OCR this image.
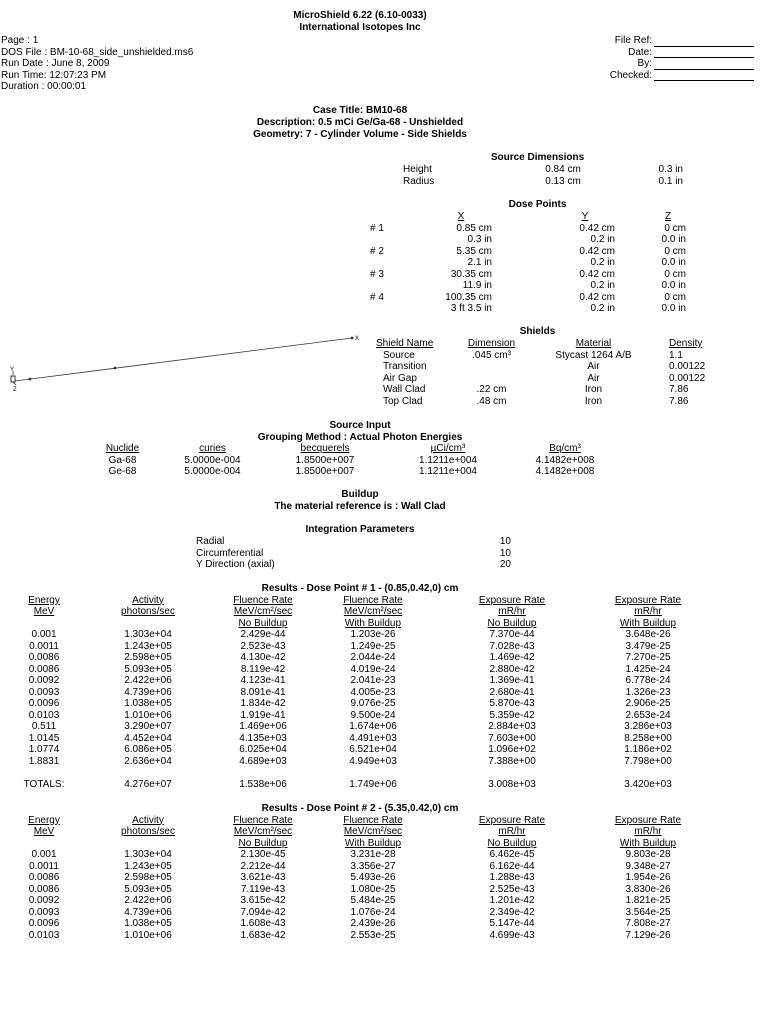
MicroShield 6.22 (6.10-0033)
International Isotopes Inc
Page : 1
DOS File : BM-10-68_side_unshielded.ms6
Run Date : June 8, 2009
Run Time: 12:07:23 PM
Duration : 00:00:01
File Ref:
Date:
By:
Checked:
Case Title: BM10-68
Description: 0.5 mCi Ge/Ga-68 - Unshielded
Geometry: 7 - Cylinder Volume - Side Shields
Source Dimensions
Height
Radius
0.84 cm
0.13 cm
0.3 in
0.1 in
Dose Points
# 1
# 2
# 3
# 4
X
0.85 cm
0.3 in
5.35 cm
2.1 in
30.35 cm
11.9 in
100.35 cm
3 ft 3.5 in
Y
0.42 cm
0.2 in
0.42 cm
0.2 in
0.42 cm
0.2 in
0.42 cm
0.2 in
Z
0 cm
0.0 in
0 cm
0.0 in
0 cm
0.0 in
0 cm
0.0 in
Shields
Shield Name
Source
Transition
Air Gap
Wall Clad
Top Clad
Dimension
.045 cm³
.22 cm
.48 cm
Material
Stycast 1264 A/B
Air
Air
Iron
Iron
Density
1.1
0.00122
0.00122
7.86
7.86
Y
Z
X
Source Input
Grouping Method : Actual Photon Energies
Nuclide
Ga-68
Ge-68
curies
5.0000e-004
5.0000e-004
becquerels
1.8500e+007
1.8500e+007
µCi/cm³
1.1211e+004
1.1211e+004
Bq/cm³
4.1482e+008
4.1482e+008
Buildup
The material reference is : Wall Clad
Integration Parameters
Radial
Circumferential
Y Direction (axial)
10
10
20
Results - Dose Point # 1 - (0.85,0.42,0) cm
Energy
MeV
0.001
0.0011
0.0086
0.0086
0.0092
0.0093
0.0096
0.0103
0.511
1.0145
1.0774
1.8831
TOTALS:
Activity
photons/sec
1.303e+04
1.243e+05
2.598e+05
5.093e+05
2.422e+06
4.739e+06
1.038e+05
1.010e+06
3.290e+07
4.452e+04
6.086e+05
2.636e+04
4.276e+07
Fluence Rate
MeV/cm²/sec
No Buildup
2.429e-44
2.523e-43
4.130e-42
8.119e-42
4.123e-41
8.091e-41
1.834e-42
1.919e-41
1.469e+06
4.135e+03
6.025e+04
4.689e+03
1.538e+06
Fluence Rate
MeV/cm²/sec
With Buildup
1.203e-26
1.249e-25
2.044e-24
4.019e-24
2.041e-23
4.005e-23
9.076e-25
9.500e-24
1.674e+06
4.491e+03
6.521e+04
4.949e+03
1.749e+06
Exposure Rate
mR/hr
No Buildup
7.370e-44
7.028e-43
1.469e-42
2.880e-42
1.369e-41
2.680e-41
5.870e-43
5.359e-42
2.884e+03
7.603e+00
1.096e+02
7.388e+00
3.008e+03
Exposure Rate
mR/hr
With Buildup
3.648e-26
3.479e-25
7.270e-25
1.425e-24
6.778e-24
1.326e-23
2.906e-25
2.653e-24
3.286e+03
8.258e+00
1.186e+02
7.798e+00
3.420e+03
Results - Dose Point # 2 - (5.35,0.42,0) cm
Energy
MeV
0.001
0.0011
0.0086
0.0086
0.0092
0.0093
0.0096
0.0103
Activity
photons/sec
1.303e+04
1.243e+05
2.598e+05
5.093e+05
2.422e+06
4.739e+06
1.038e+05
1.010e+06
Fluence Rate
MeV/cm²/sec
No Buildup
2.130e-45
2.212e-44
3.621e-43
7.119e-43
3.615e-42
7.094e-42
1.608e-43
1.683e-42
Fluence Rate
MeV/cm²/sec
With Buildup
3.231e-28
3.356e-27
5.493e-26
1.080e-25
5.484e-25
1.076e-24
2.439e-26
2.553e-25
Exposure Rate
mR/hr
No Buildup
6.462e-45
6.162e-44
1.288e-43
2.525e-43
1.201e-42
2.349e-42
5.147e-44
4.699e-43
Exposure Rate
mR/hr
With Buildup
9.803e-28
9.348e-27
1.954e-26
3.830e-26
1.821e-25
3.564e-25
7.808e-27
7.129e-26
